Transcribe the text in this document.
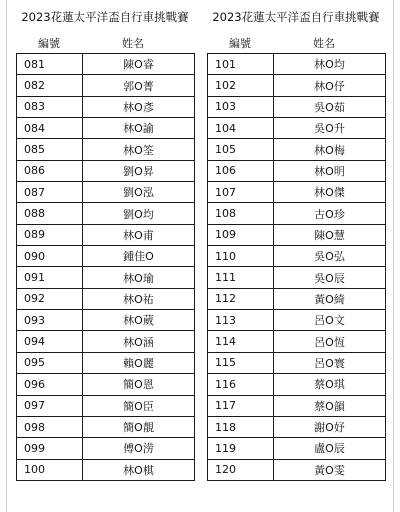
2023花蓮太平洋盃自行車挑戰賽
編號	姓名
081	陳O睿
082	郭O菁
083	林O彥
084	林O諭
085	林O筌
086	劉O昇
087	劉O泓
088	劉O均
089	林O甫
090	鍾佳O
091	林O瑜
092	林O祐
093	林O葳
094	林O涵
095	賴O麗
096	簡O恩
097	簡O臣
098	簡O靚
099	傅O涝
100	林O棋
2023花蓮太平洋盃自行車挑戰賽
編號	姓名
101	林O均
102	林O伃
103	吳O茹
104	吳O升
105	林O梅
106	林O明
107	林O傑
108	古O珍
109	陳O慧
110	吳O弘
111	吳O辰
112	黃O綺
113	呂O文
114	呂O恆
115	呂O寰
116	蔡O琪
117	蔡O韻
118	謝O妤
119	盧O辰
120	黃O雯
